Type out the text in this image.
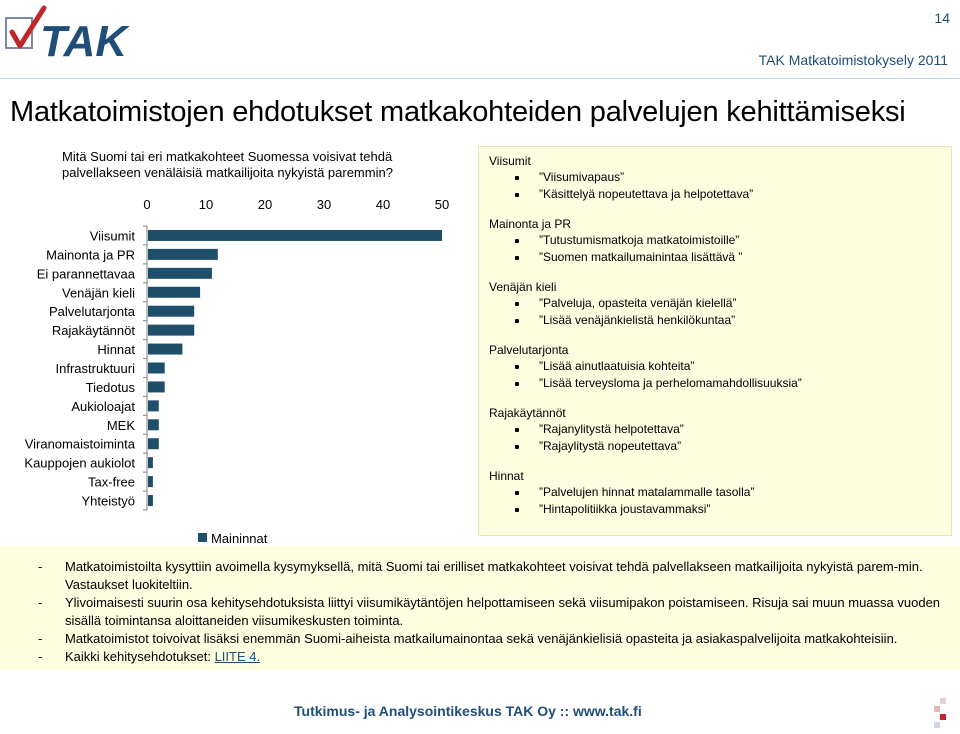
TAK	14
TAK Matkatoimistokysely 2011
Matkatoimistojen ehdotukset matkakohteiden palvelujen kehittämiseksi
Mitä Suomi tai eri matkakohteet Suomessa voisivat tehdä palvellakseen venäläisiä matkailijoita nykyistä paremmin?
0	10	20	30	40	50
Viisumit
Mainonta ja PR
Ei parannettavaa
Venäjän kieli
Palvelutarjonta
Rajakäytännöt
Hinnat
Infrastruktuuri
Tiedotus
Aukioloajat
MEK
Viranomaistoiminta
Kauppojen aukiolot
Tax-free
Yhteistyö
Maininnat
Viisumit
”Viisumivapaus”
”Käsittelyä nopeutettava ja helpotettava”
Mainonta ja PR
”Tutustumismatkoja matkatoimistoille”
”Suomen matkailumainintaa lisättävä ”
Venäjän kieli
”Palveluja, opasteita venäjän kielellä”
”Lisää venäjänkielistä henkilökuntaa”
Palvelutarjonta
”Lisää ainutlaatuisia kohteita”
”Lisää terveysloma ja perhelomamahdollisuuksia”
Rajakäytännöt
”Rajanylitystä helpotettava”
”Rajaylitystä nopeutettava”
Hinnat
”Palvelujen hinnat matalammalle tasolla”
”Hintapolitiikka joustavammaksi”
- Matkatoimistoilta kysyttiin avoimella kysymyksellä, mitä Suomi tai erilliset matkakohteet voisivat tehdä palvellakseen matkailijoita nykyistä parem-min. Vastaukset luokiteltiin.
- Ylivoimaisesti suurin osa kehitysehdotuksista liittyi viisumikäytäntöjen helpottamiseen sekä viisumipakon poistamiseen. Risuja sai muun muassa vuoden sisällä toimintansa aloittaneiden viisumikeskusten toiminta.
- Matkatoimistot toivoivat lisäksi enemmän Suomi-aiheista matkailumainontaa sekä venäjänkielisiä opasteita ja asiakaspalvelijoita matkakohteisiin.
- Kaikki kehitysehdotukset: LIITE 4.
Tutkimus- ja Analysointikeskus TAK Oy :: www.tak.fi
